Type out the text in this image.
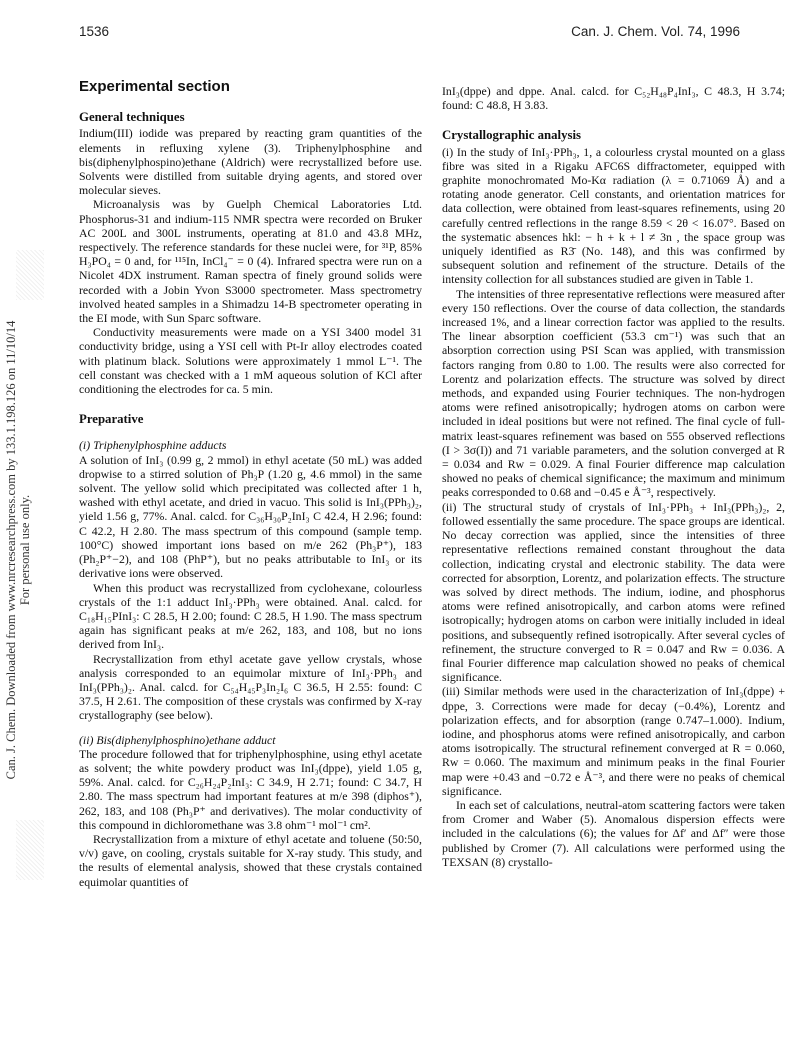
1536	Can. J. Chem. Vol. 74, 1996
Can. J. Chem. Downloaded from www.nrcresearchpress.com by 133.1.198.126 on 11/10/14 For personal use only.
Experimental section
General techniques

Indium(III) iodide was prepared by reacting gram quantities of the elements in refluxing xylene (3). Triphenylphosphine and bis(diphenylphospino)ethane (Aldrich) were recrystallized before use. Solvents were distilled from suitable drying agents, and stored over molecular sieves.

Microanalysis was by Guelph Chemical Laboratories Ltd. Phosphorus-31 and indium-115 NMR spectra were recorded on Bruker AC 200L and 300L instruments, operating at 81.0 and 43.8 MHz, respectively. The reference standards for these nuclei were, for ³¹P, 85% H₃PO₄ = 0 and, for ¹¹⁵In, InCl₄⁻ = 0 (4). Infrared spectra were run on a Nicolet 4DX instrument. Raman spectra of finely ground solids were recorded with a Jobin Yvon S3000 spectrometer. Mass spectrometry involved heated samples in a Shimadzu 14-B spectrometer operating in the EI mode, with Sun Sparc software.

Conductivity measurements were made on a YSI 3400 model 31 conductivity bridge, using a YSI cell with Pt-Ir alloy electrodes coated with platinum black. Solutions were approximately 1 mmol L⁻¹. The cell constant was checked with a 1 mM aqueous solution of KCl after conditioning the electrodes for ca. 5 min.

Preparative

(i) Triphenylphosphine adducts

A solution of InI₃ (0.99 g, 2 mmol) in ethyl acetate (50 mL) was added dropwise to a stirred solution of Ph₃P (1.20 g, 4.6 mmol) in the same solvent. The yellow solid which precipitated was collected after 1 h, washed with ethyl acetate, and dried in vacuo. This solid is InI₃(PPh₃)₂, yield 1.56 g, 77%. Anal. calcd. for C₃₆H₃₀P₂InI₃ C 42.4, H 2.96; found: C 42.2, H 2.80. The mass spectrum of this compound (sample temp. 100°C) showed important ions based on m/e 262 (Ph₃P⁺), 183 (Ph₂P⁺−2), and 108 (PhP⁺), but no peaks attributable to InI₃ or its derivative ions were observed.

When this product was recrystallized from cyclohexane, colourless crystals of the 1:1 adduct InI₃·PPh₃ were obtained. Anal. calcd. for C₁₈H₁₅PInI₃: C 28.5, H 2.00; found: C 28.5, H 1.90. The mass spectrum again has significant peaks at m/e 262, 183, and 108, but no ions derived from InI₃.

Recrystallization from ethyl acetate gave yellow crystals, whose analysis corresponded to an equimolar mixture of InI₃·PPh₃ and InI₃(PPh₃)₂. Anal. calcd. for C₅₄H₄₅P₃In₂I₆ C 36.5, H 2.55: found: C 37.5, H 2.61. The composition of these crystals was confirmed by X-ray crystallography (see below).

(ii) Bis(diphenylphosphino)ethane adduct

The procedure followed that for triphenylphosphine, using ethyl acetate as solvent; the white powdery product was InI₃(dppe), yield 1.05 g, 59%. Anal. calcd. for C₂₆H₂₄P₂InI₃: C 34.9, H 2.71; found: C 34.7, H 2.80. The mass spectrum had important features at m/e 398 (diphos⁺), 262, 183, and 108 (Ph₃P⁺ and derivatives). The molar conductivity of this compound in dichloromethane was 3.8 ohm⁻¹ mol⁻¹ cm².

Recrystallization from a mixture of ethyl acetate and toluene (50:50, v/v) gave, on cooling, crystals suitable for X-ray study. This study, and the results of elemental analysis, showed that these crystals contained equimolar quantities of

InI₃(dppe) and dppe. Anal. calcd. for C₅₂H₄₈P₄InI₃, C 48.3, H 3.74; found: C 48.8, H 3.83.

Crystallographic analysis

(i) In the study of InI₃·PPh₃, 1, a colourless crystal mounted on a glass fibre was sited in a Rigaku AFC6S diffractometer, equipped with graphite monochromated Mo-Kα radiation (λ = 0.71069 Å) and a rotating anode generator. Cell constants, and orientation matrices for data collection, were obtained from least-squares refinements, using 20 carefully centred reflections in the range 8.59 < 2θ < 16.07°. Based on the systematic absences hkl: − h + k + l ≠ 3n , the space group was uniquely identified as R3̄ (No. 148), and this was confirmed by subsequent solution and refinement of the structure. Details of the intensity collection for all substances studied are given in Table 1.

The intensities of three representative reflections were measured after every 150 reflections. Over the course of data collection, the standards increased 1%, and a linear correction factor was applied to the results. The linear absorption coefficient (53.3 cm⁻¹) was such that an absorption correction using PSI Scan was applied, with transmission factors ranging from 0.80 to 1.00. The results were also corrected for Lorentz and polarization effects. The structure was solved by direct methods, and expanded using Fourier techniques. The non-hydrogen atoms were refined anisotropically; hydrogen atoms on carbon were included in ideal positions but were not refined. The final cycle of full-matrix least-squares refinement was based on 555 observed reflections (I > 3σ(I)) and 71 variable parameters, and the solution converged at R = 0.034 and Rw = 0.029. A final Fourier difference map calculation showed no peaks of chemical significance; the maximum and minimum peaks corresponded to 0.68 and −0.45 e Å⁻³, respectively.

(ii) The structural study of crystals of InI₃·PPh₃ + InI₃(PPh₃)₂, 2, followed essentially the same procedure. The space groups are identical. No decay correction was applied, since the intensities of three representative reflections remained constant throughout the data collection, indicating crystal and electronic stability. The data were corrected for absorption, Lorentz, and polarization effects. The structure was solved by direct methods. The indium, iodine, and phosphorus atoms were refined anisotropically, and carbon atoms were refined isotropically; hydrogen atoms on carbon were initially included in ideal positions, and subsequently refined isotropically. After several cycles of refinement, the structure converged to R = 0.047 and Rw = 0.036. A final Fourier difference map calculation showed no peaks of chemical significance.

(iii) Similar methods were used in the characterization of InI₃(dppe) + dppe, 3. Corrections were made for decay (−0.4%), Lorentz and polarization effects, and for absorption (range 0.747–1.000). Indium, iodine, and phosphorus atoms were refined anisotropically, and carbon atoms isotropically. The structural refinement converged at R = 0.060, Rw = 0.060. The maximum and minimum peaks in the final Fourier map were +0.43 and −0.72 e Å⁻³, and there were no peaks of chemical significance.

In each set of calculations, neutral-atom scattering factors were taken from Cromer and Waber (5). Anomalous dispersion effects were included in the calculations (6); the values for Δf′ and Δf″ were those published by Cromer (7). All calculations were performed using the TEXSAN (8) crystallo-
